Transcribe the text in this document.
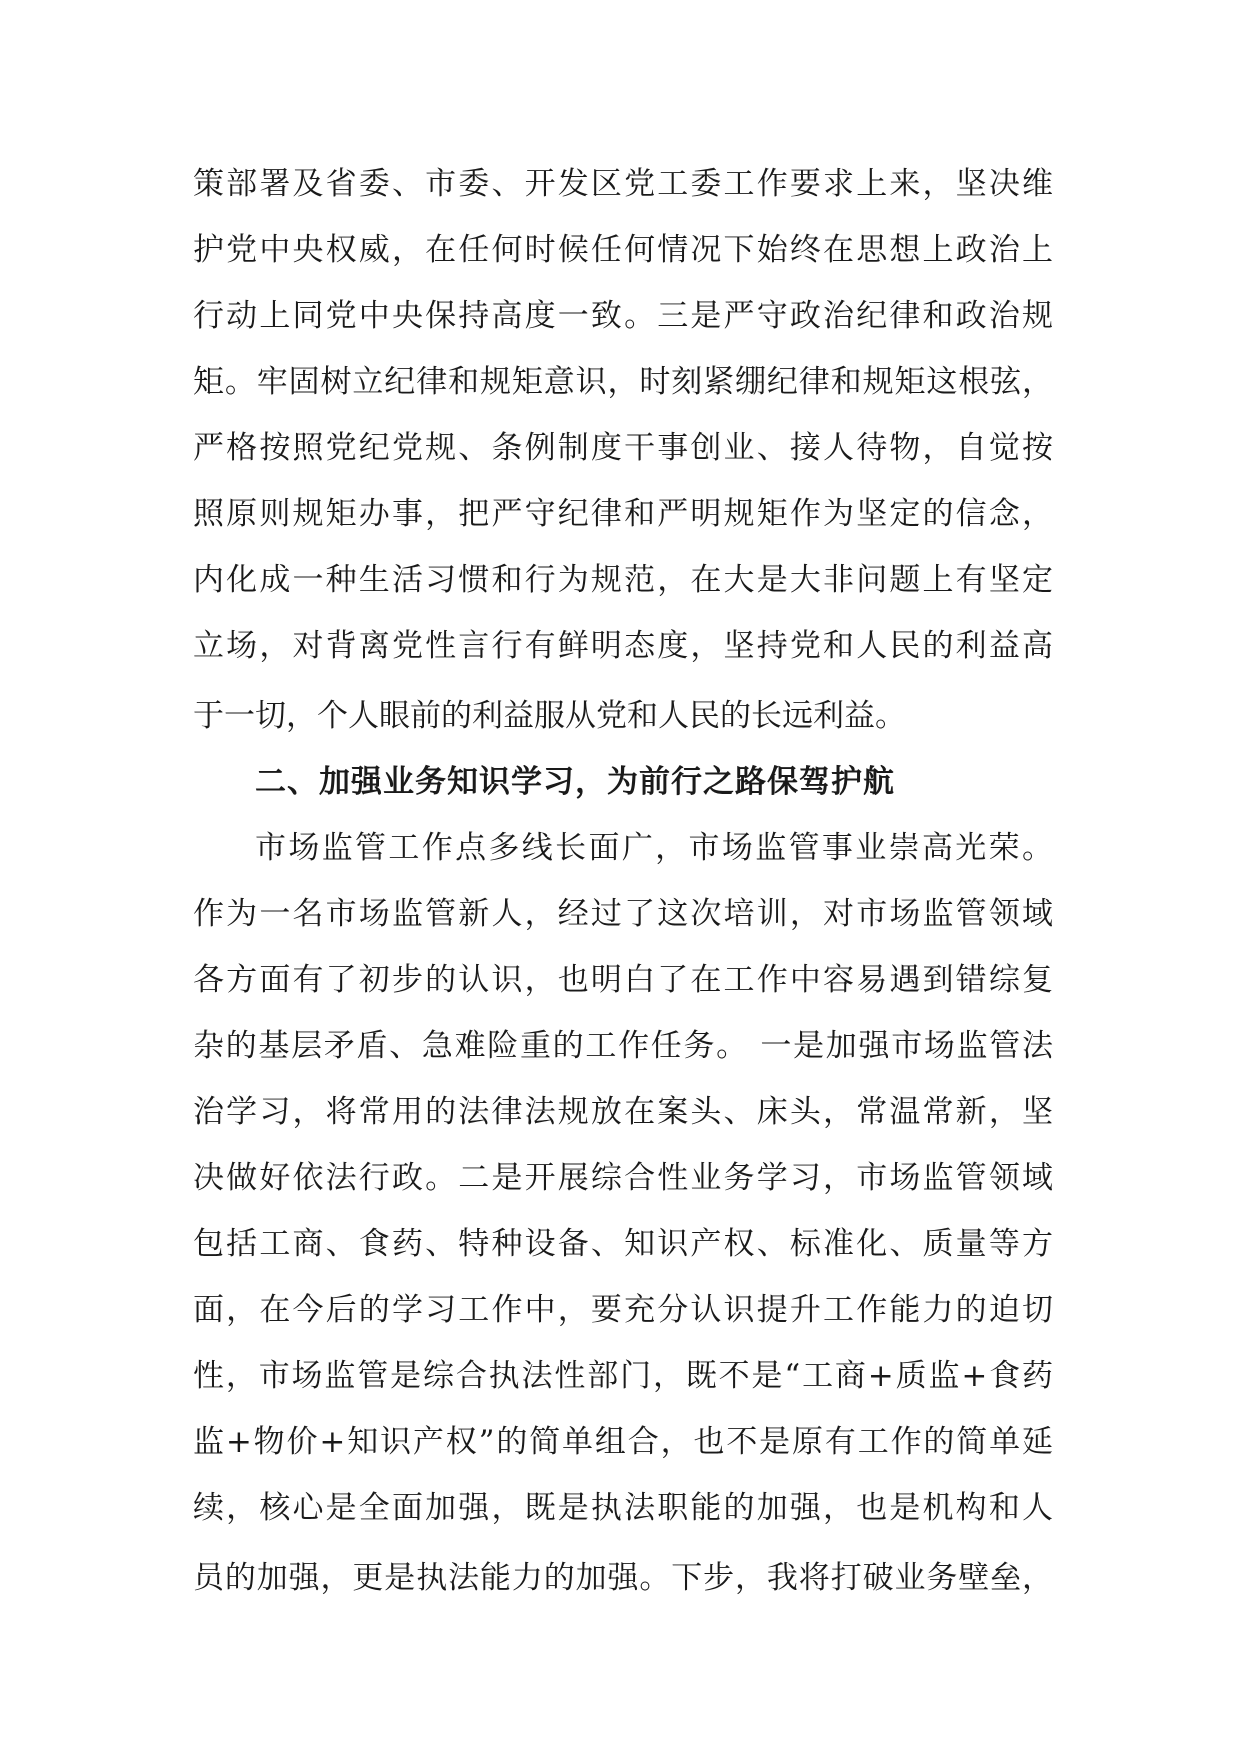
策部署及省委、市委、开发区党工委工作要求上来，坚决维
护党中央权威，在任何时候任何情况下始终在思想上政治上
行动上同党中央保持高度一致。三是严守政治纪律和政治规
矩。牢固树立纪律和规矩意识，时刻紧绷纪律和规矩这根弦，
严格按照党纪党规、条例制度干事创业、接人待物，自觉按
照原则规矩办事，把严守纪律和严明规矩作为坚定的信念，
内化成一种生活习惯和行为规范，在大是大非问题上有坚定
立场，对背离党性言行有鲜明态度，坚持党和人民的利益高
于一切，个人眼前的利益服从党和人民的长远利益。
二、加强业务知识学习，为前行之路保驾护航
市场监管工作点多线长面广，市场监管事业崇高光荣。
作为一名市场监管新人，经过了这次培训，对市场监管领域
各方面有了初步的认识，也明白了在工作中容易遇到错综复
杂的基层矛盾、急难险重的工作任务。 一是加强市场监管法
治学习，将常用的法律法规放在案头、床头，常温常新，坚
决做好依法行政。二是开展综合性业务学习，市场监管领域
包括工商、食药、特种设备、知识产权、标准化、质量等方
面，在今后的学习工作中，要充分认识提升工作能力的迫切
性，市场监管是综合执法性部门，既不是“工商+质监+食药
监+物价+知识产权”的简单组合，也不是原有工作的简单延
续，核心是全面加强，既是执法职能的加强，也是机构和人
员的加强，更是执法能力的加强。下步，我将打破业务壁垒，
